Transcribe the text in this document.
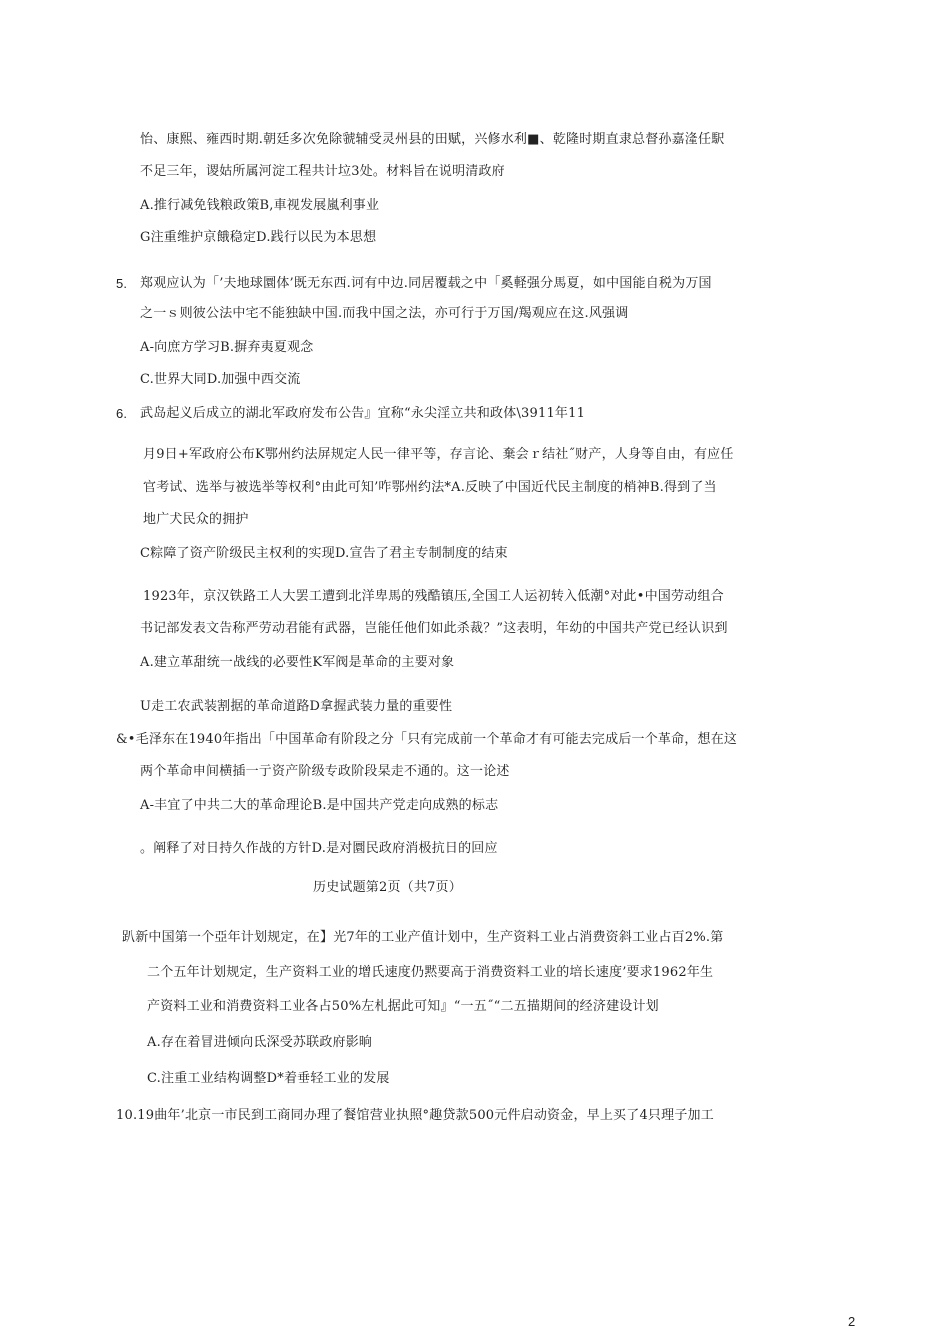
怡、康熙、雍西时期.朝廷多次免除虢辅受灵州县的田赋，兴修水利■、乾隆时期直隶总督孙嘉湰任駅

不足三年，谡姑所属河淀工程共计垃3处。材料旨在说明清政府

A.推行减免钱粮政策B,車视发展嵐利事业

G注重维护京餓稳定D.践行以民为本思想

5. 郑观应认为「’夫地球圜体’既无东西.诃有中边.同居覆载之中「奚軽强分馬夏，如中国能自税为万国

之一ｓ则彼公法中宅不能独缺中国.而我中国之法，亦可行于万国/羯观应在这.风强调

A-向庶方学习B.摒弃夷夏观念

C.世界大同D.加强中西交流

6. 武岛起义后成立的湖北军政府发布公告』宜称“永尖淫立共和政体\3911年11

月9日+军政府公布K鄂州约法屏规定人民一律平等，存言论、棄会ｒ结社˝财产，人身等自由，有应任

官考试、选举与被选举等权利°由此可知’咋鄂州约法*A.反映了中国近代民主制度的梢神B.得到了当

地广犬民众的拥护

C粽障了资产阶级民主权利的实现D.宣告了君主专制制度的结束

1923年，京汉铁路工人大罢工遭到北洋卑馬的残酷镇压,全国工人运初转入低潮°对此•中国劳动组合

书记部发表文告称严劳动君能有武器，岂能任他们如此杀裁？”这表明，年幼的中国共产党已经认识到

A.建立革甜统一战线的必要性K军阀是革命的主要对象

U走工农武装割据的革命道路D拿握武装力量的重要性

&•毛泽东在1940年指出「中国革命有阶段之分「只有完成前一个革命才有可能去完成后一个革命，想在这

两个革命申间横插一亍资产阶级专政阶段杲走不通的。这一论述

A-丰宜了中共二大的革命理论B.是中国共产党走向成熟的标志

。阐释了对日持久作战的方针D.是对圜民政府消极抗日的回应

历史试题第2页（共7页）

趴新中国第一个亞年计划规定，在】光7年的工业产值计划中，生产资料工业占消费资斜工业占百2%.第

二个五年计划规定，生产资料工业的增氏速度仍黙要高于消费资料工业的培长速度’要求1962年生

产资料工业和消费资料工业各占50%左札据此可知』“一五˝“二五描期间的经济建设计划

A.存在着冒进倾向氐深受苏联政府影晌

C.注重工业结构调整D*着垂轻工业的发展

10.19曲年’北京一市民到工商同办理了餐馆营业执照°趣贷款500元件启动资金，早上买了4只理子加工

2
